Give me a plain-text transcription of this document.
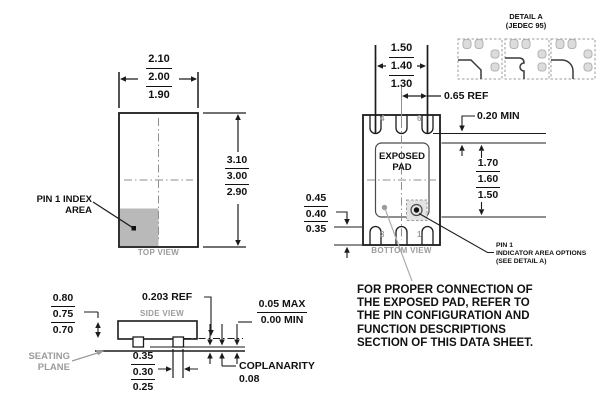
2.10
2.00
1.90
3.10
3.00
2.90
PIN 1 INDEX
AREA
TOP VIEW
0.80
0.75
0.70
SIDE VIEW
0.203 REF
0.05 MAX
0.00 MIN
SEATING
PLANE
0.35
0.30
0.25
COPLANARITY
0.08
1.50
1.40
1.30
0.65 REF
0.20 MIN
1.70
1.60
1.50
0.45
0.40
0.35
EXPOSED
PAD
4	6
3	1
BOTTOM VIEW
PIN 1
INDICATOR AREA OPTIONS
(SEE DETAIL A)
DETAIL A
(JEDEC 95)
FOR PROPER CONNECTION OF
THE EXPOSED PAD, REFER TO
THE PIN CONFIGURATION AND
FUNCTION DESCRIPTIONS
SECTION OF THIS DATA SHEET.
